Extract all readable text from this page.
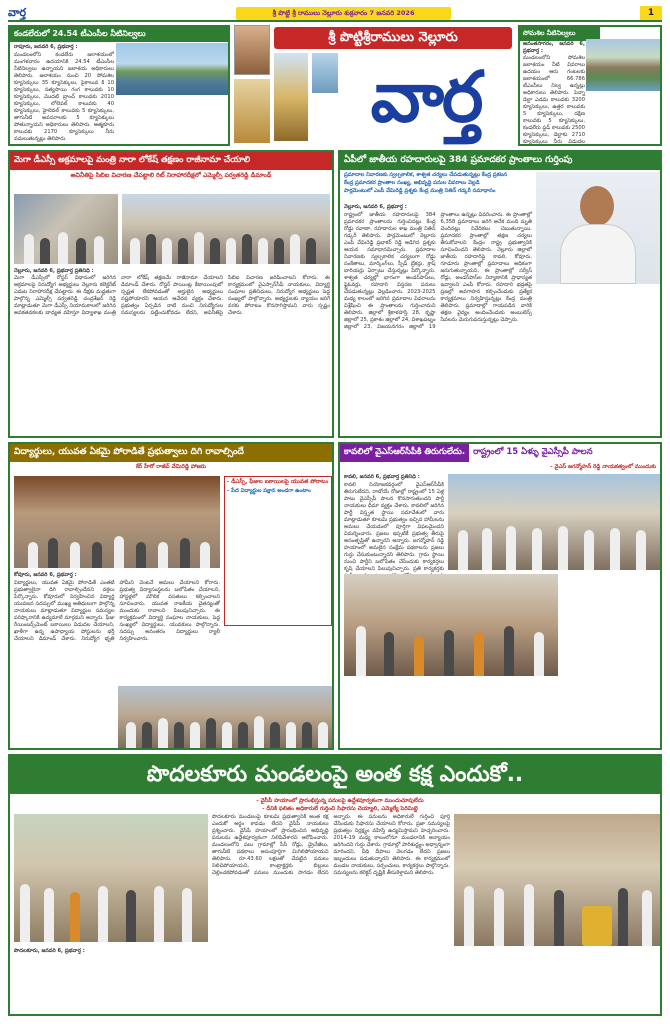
వార్త	శ్రీ పొట్టి శ్రీ రాములు నెల్లూరు శుక్రవారం 7 జనవరి 2026	1
కండలేరులో 24.54 టీఎంసీల నీటినిల్వలు
రాపూరు, జనవరి 6, ప్రభవార్త :
మండలంలోని కండలేరు జలాశయంలో మంగళవారం ఉదయానికి 24.54 టీఎంసీల నీటినిల్వలు ఉన్నాయని జలాశయ అధికారులు తెలిపారు. జలాశయం నుంచి 20 సోమశిల క్యూసెక్కులు 35 క్యూసెక్కులు, పైకాలువ కి 10 క్యూసెక్కులు, సత్యసాయి గంగ కాలువకు 10 క్యూసెక్కులు, మొదటి బ్రాంచ్ కాలువకు 2010 క్యూసెక్కులు, లోలెవల్ కాలువకు 40 క్యూసెక్కులు, హైలెవల్ కాలువకు 5 క్యూసెక్కులు, తాగునీటి అవసరాలకు 5 క్యూసెక్కులు పోతున్నాయని అధికారులు తెలిపారు. ఆత్మకూరు కాలువకు 2170 క్యూసెక్కులు నీరు వదులుతున్నట్లు తెలిపారు.
శ్రీ పొట్టిశ్రీరాములు నెల్లూరు
వార్త
సోమశిల నీటినిల్వలు
అనంతసాగరం, జనవరి 6, ప్రభవార్త :
మండలంలోని సోమశిల జలాశయం నీటి వివరాలు ఉదయం ఆరు గంటలకు జలాశయంలో 66.786 టీఎంసీలు నిల్వ ఉన్నట్లు అధికారులు తెలిపారు. పెన్నా డెల్టా ఎడమ కాలువకు 3200 క్యూసెక్కులు, ఉత్తర కాలువకు 5 క్యూసెక్కులు, దక్షిణ కాలువకు 5 క్యూసెక్కులు, కండలేరు ఫ్లడ్ కాలువకు 2500 క్యూసెక్కులు, డెల్టాకు 2710 క్యూసెక్కులు నీరు విడుదల
మెగా డీఎస్సీ అక్రమాలపై మంత్రి నారా లోకేష్ తక్షణం రాజీనామా చేయాలి
అవినీతిపై సిబిఐ విచారణ చేపట్టాలి రిట్ నిరాహారదీక్షలో ఎమ్మెల్సీ పర్వతరెడ్డి డిమాండ్
నెల్లూరు, జనవరి 6, ప్రభవార్త ప్రతినిధి :
మెగా డీఎస్సీలో రోస్టర్ విధానంలో జరిగిన అక్రమాలపై నిరుద్యోగ అభ్యర్థులు నెల్లూరు కలెక్టరేట్ ఎదుట నిరాహారదీక్ష చేపట్టారు. ఈ దీక్షకు మద్దతుగా పాల్గొన్న ఎమ్మెల్సీ పర్వతరెడ్డి చంద్రశేఖర్ రెడ్డి మాట్లాడుతూ మెగా డీఎస్సీ నియామకాలలో జరిగిన అవకతవకలకు బాధ్యత వహిస్తూ విద్యాశాఖ మంత్రి నారా లోకేష్ తక్షణమే రాజీనామా చేయాలని డిమాండ్ చేశారు. రోస్టర్ పాయింట్ల కేటాయింపులో స్పష్టత లేకపోవడంతో అర్హులైన అభ్యర్థులు నష్టపోయారని ఆయన ఆవేదన వ్యక్తం చేశారు. ప్రభుత్వం ఏర్పడిన నాటి నుంచి నిరుద్యోగుల సమస్యలను పట్టించుకోవడం లేదని, అవినీతిపై సిబిఐ విచారణ జరిపించాలని కోరారు. ఈ కార్యక్రమంలో వైఎస్సార్‌సీపీ నాయకులు, విద్యార్థి సంఘాల ప్రతినిధులు, నిరుద్యోగ అభ్యర్థులు పెద్ద సంఖ్యలో పాల్గొన్నారు. అభ్యర్థులకు న్యాయం జరిగే వరకు పోరాటం కొనసాగిస్తామని వారు స్పష్టం చేశారు.
ఏపీలో జాతీయ రహదారులపై 384 ప్రమాదకర ప్రాంతాలు గుర్తింపు
ప్రమాదాల నివారణకు స్వల్పకాలిక, శాశ్వత చర్యలు చేపడుతున్నట్లు కేంద్ర ప్రకటన
కేంద్ర ప్రమాదకర ప్రాంతాల సంఖ్య, అభివృద్ధి పనుల వివరాలు వెల్లడి
పార్లమెంటులో ఎంపీ వేమిరెడ్డి ప్రశ్నకు కేంద్ర మంత్రి నితిన్ గడ్కరీ సమాధానం
నెల్లూరు, జనవరి 6, ప్రభవార్త :
రాష్ట్రంలో జాతీయ రహదారులపై 384 ప్రమాదకర ప్రాంతాలను గుర్తించినట్లు కేంద్ర రోడ్డు రవాణా, రహదారుల శాఖ మంత్రి నితిన్ గడ్కరీ తెలిపారు. పార్లమెంటులో నెల్లూరు ఎంపీ వేమిరెడ్డి ప్రభాకర్ రెడ్డి అడిగిన ప్రశ్నకు ఆయన సమాధానమిచ్చారు. ప్రమాదాల నివారణకు స్వల్పకాలిక చర్యలుగా రోడ్డు సంకేతాలు, మార్కింగ్‌లు, స్పీడ్ బ్రేకర్లు, క్రాష్ బారియర్లు ఏర్పాటు చేస్తున్నట్లు పేర్కొన్నారు. శాశ్వత చర్యల్లో భాగంగా అండర్‌పాస్‌లు, ఫ్లైఓవర్లు, రహదారి విస్తరణ పనులు చేపడుతున్నట్లు వెల్లడించారు. 2023-2025 మధ్య కాలంలో జరిగిన ప్రమాదాల వివరాలను విశ్లేషించి ఈ ప్రాంతాలను గుర్తించామని తెలిపారు. జిల్లాలో శ్రీకాళహస్తి 28, కృష్ణా జిల్లాలో 25, ప్రకాశం జిల్లాలో 24, విశాఖపట్నం జిల్లాలో 23, విజయనగరం జిల్లాలో 19 ప్రాంతాలు ఉన్నట్లు వివరించారు. ఈ ప్రాంతాల్లో 6,358 ప్రమాదాలు జరిగి అనేక మంది మృతి చెందినట్లు నివేదికలు చెబుతున్నాయి. ప్రమాదకర ప్రాంతాల్లో తక్షణ చర్యలు తీసుకోవాలని కేంద్రం రాష్ట్ర ప్రభుత్వానికి సూచించిందని తెలిపారు. నెల్లూరు జిల్లాలో జాతీయ రహదారిపై కావలి, కోవూరు, గూడూరు ప్రాంతాల్లో ప్రమాదాలు అధికంగా జరుగుతున్నాయని, ఈ ప్రాంతాల్లో సర్వీస్ రోడ్లు, అండర్‌పాస్‌ల నిర్మాణానికి ప్రాధాన్యత ఇవ్వాలని ఎంపీ కోరారు. రహదారి భద్రతపై ప్రజల్లో అవగాహన కల్పించేందుకు ప్రత్యేక కార్యక్రమాలు నిర్వహిస్తున్నట్లు కేంద్ర మంత్రి తెలిపారు. ప్రమాదాల్లో గాయపడిన వారికి తక్షణ వైద్యం అందించేందుకు అంబులెన్స్ సేవలను మెరుగుపరుస్తున్నట్లు చెప్పారు.
విద్యార్థులు, యువత ఏకమై పోరాడితే ప్రభుత్వాలు దిగి రావాల్సిందే
కేర్ హీరో రాజీవ్ వేమిరెడ్డి హాజరు
కోవూరు, జనవరి 6, ప్రభవార్త :
విద్యార్థులు, యువత ఏకమై పోరాడితే ఎంతటి ప్రభుత్వాలైనా దిగి రావాల్సిందేనని వక్తలు పేర్కొన్నారు. కోవూరులో నిర్వహించిన విద్యార్థి యువజన సదస్సులో ముఖ్య అతిథులుగా పాల్గొన్న నాయకులు మాట్లాడుతూ విద్యార్థుల సమస్యల పరిష్కారానికి ఉద్యమాలే మార్గమని అన్నారు. ఫీజు రీయింబర్స్‌మెంట్ బకాయిలు విడుదల చేయాలని, ఖాళీగా ఉన్న ఉపాధ్యాయ పోస్టులను భర్తీ చేయాలని డిమాండ్ చేశారు. నిరుద్యోగ భృతి హామీని వెంటనే అమలు చేయాలని కోరారు. ప్రభుత్వ విద్యాసంస్థలను బలోపేతం చేయాలని, హాస్టళ్లలో మౌలిక వసతులు కల్పించాలని సూచించారు. యువత రాజకీయ చైతన్యంతో ముందుకు రావాలని పిలుపునిచ్చారు. ఈ కార్యక్రమంలో విద్యార్థి సంఘాల నాయకులు, పెద్ద సంఖ్యలో విద్యార్థులు, యువకులు పాల్గొన్నారు. సదస్సు అనంతరం విద్యార్థులు ర్యాలీ నిర్వహించారు.
- డీఎస్సీ, ఫీజుల బకాయిలపై యువత పోరాటం
- పేద విద్యార్థుల పక్షాన అండగా ఉంటాం
కావలిలో వైఎస్‌ఆర్‌సీపీకి తిరుగులేదు. రాష్ట్రంలో 15 ఏళ్ళు వైఎస్సీపీ పాలన
- వైఎస్ జగన్మోహన్ రెడ్డి నాయకత్వంలో ముందుకు
కావలి, జనవరి 6, ప్రభవార్త ప్రతినిధి :
కావలి నియోజకవర్గంలో వైఎస్‌ఆర్‌సీపీకి తిరుగులేదని, రాబోయే రోజుల్లో రాష్ట్రంలో 15 ఏళ్ల పాటు వైఎస్సీపీ పాలన కొనసాగుతుందని పార్టీ నాయకులు ధీమా వ్యక్తం చేశారు. కావలిలో జరిగిన పార్టీ విస్తృత స్థాయి సమావేశంలో వారు మాట్లాడుతూ కూటమి ప్రభుత్వం ఇచ్చిన హామీలను అమలు చేయడంలో పూర్తిగా విఫలమైందని విమర్శించారు. ప్రజలు ఇప్పటికే ప్రభుత్వ తీరుపై అసంతృప్తితో ఉన్నారని అన్నారు. జగన్మోహన్ రెడ్డి హయాంలో అమలైన సంక్షేమ పథకాలను ప్రజలు గుర్తు చేసుకుంటున్నారని తెలిపారు. గ్రామ స్థాయి నుంచి పార్టీని బలోపేతం చేసేందుకు కార్యకర్తలు కృషి చేయాలని పిలుపునిచ్చారు. ప్రతి కార్యకర్తకు
పొదలకూరు మండలంపై అంత కక్ష ఎందుకో..
- వైసీపీ హయాంలో ప్రారంభిస్తున్న పనులపై ఉద్దేశపూర్వకంగా ముందుచూపులేదు
- దీనికి ఫలితం అధికారులే గుర్తించి సిఫారసు చెయ్యాలి, ఎమ్మెల్యే పెరిమిట్టె
పొదలకూరు మండలంపై కూటమి ప్రభుత్వానికి అంత కక్ష ఎందుకో అర్థం కావడం లేదని వైసీపీ నాయకులు ప్రశ్నించారు. వైసీపీ హయాంలో ప్రారంభించిన అభివృద్ధి పనులను ఉద్దేశపూర్వకంగా నిలిపివేశారని ఆరోపించారు. మండలంలోని పలు గ్రామాల్లో సీసీ రోడ్లు, డ్రైనేజీలు, తాగునీటి పథకాలు అసంపూర్తిగా మిగిలిపోయాయని తెలిపారు. రూ.43.60 లక్షలతో చేపట్టిన పనులు నిలిచిపోయాయని, కాంట్రాక్టర్లకు బిల్లులు చెల్లించకపోవడంతో పనులు ముందుకు సాగడం లేదని అన్నారు. ఈ పనులను అధికారులే గుర్తించి పూర్తి చేసేందుకు సిఫారసు చేయాలని కోరారు. ప్రజా సమస్యలపై ప్రభుత్వం నిర్లక్ష్యం వహిస్తే ఉద్యమిస్తామని హెచ్చరించారు. 2014-19 మధ్య కాలంలోనూ మండలానికి అన్యాయం జరిగిందని గుర్తు చేశారు. గ్రామాల్లో పారిశుద్ధ్యం అధ్వాన్నంగా మారిందని, వీధి దీపాలు వెలగడం లేదని ప్రజలు ఇబ్బందులు పడుతున్నారని తెలిపారు. ఈ కార్యక్రమంలో మండల నాయకులు, సర్పంచులు, కార్యకర్తలు పాల్గొన్నారు. సమస్యలను కలెక్టర్ దృష్టికి తీసుకెళ్తామని తెలిపారు.
పొదలకూరు, జనవరి 6, ప్రభవార్త :
